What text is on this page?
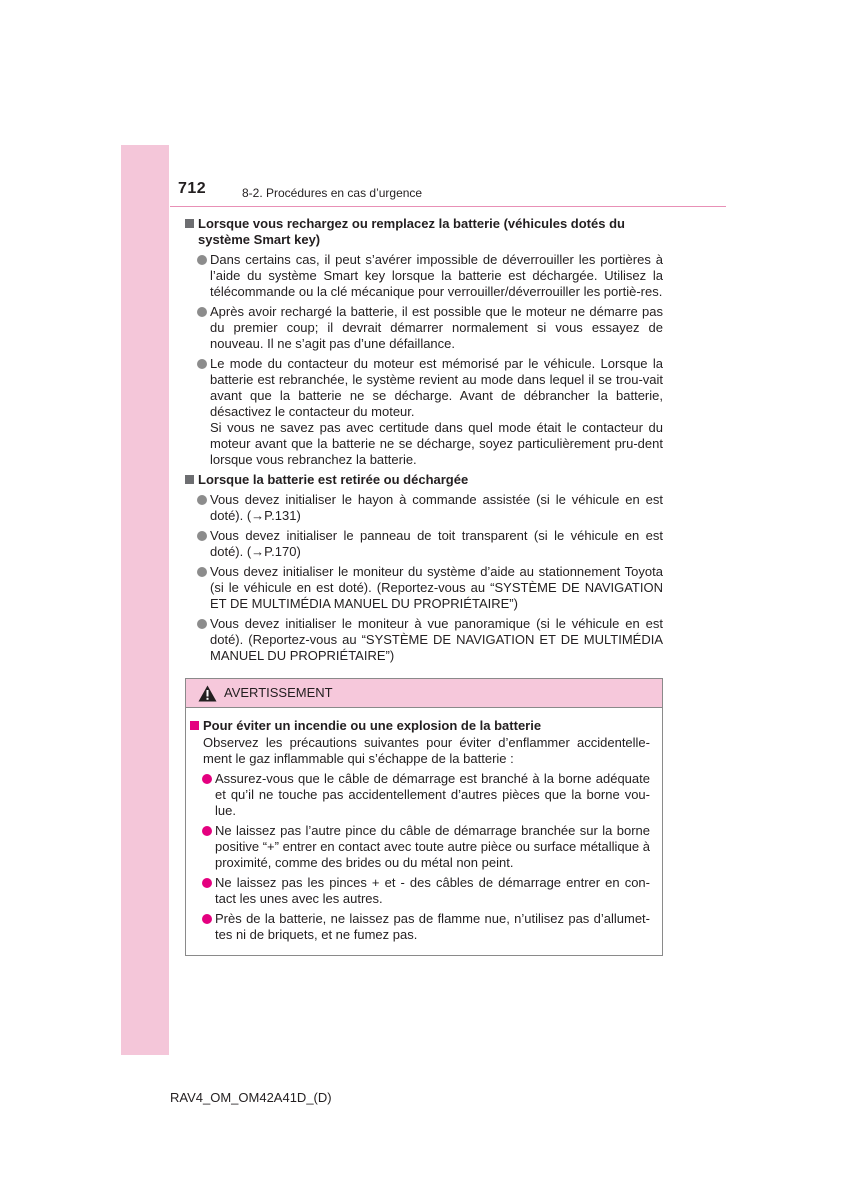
712	8-2. Procédures en cas d’urgence
Lorsque vous rechargez ou remplacez la batterie (véhicules dotés du système Smart key)
Dans certains cas, il peut s’avérer impossible de déverrouiller les portières à l’aide du système Smart key lorsque la batterie est déchargée. Utilisez la télécommande ou la clé mécanique pour verrouiller/déverrouiller les portiè-res.
Après avoir rechargé la batterie, il est possible que le moteur ne démarre pas du premier coup; il devrait démarrer normalement si vous essayez de nouveau. Il ne s’agit pas d’une défaillance.
Le mode du contacteur du moteur est mémorisé par le véhicule. Lorsque la batterie est rebranchée, le système revient au mode dans lequel il se trou-vait avant que la batterie ne se décharge. Avant de débrancher la batterie, désactivez le contacteur du moteur.
Si vous ne savez pas avec certitude dans quel mode était le contacteur du moteur avant que la batterie ne se décharge, soyez particulièrement pru-dent lorsque vous rebranchez la batterie.
Lorsque la batterie est retirée ou déchargée
Vous devez initialiser le hayon à commande assistée (si le véhicule en est doté). (→P.131)
Vous devez initialiser le panneau de toit transparent (si le véhicule en est doté). (→P.170)
Vous devez initialiser le moniteur du système d’aide au stationnement Toyota (si le véhicule en est doté). (Reportez-vous au “SYSTÈME DE NAVIGATION ET DE MULTIMÉDIA MANUEL DU PROPRIÉTAIRE”)
Vous devez initialiser le moniteur à vue panoramique (si le véhicule en est doté). (Reportez-vous au “SYSTÈME DE NAVIGATION ET DE MULTIMÉDIA MANUEL DU PROPRIÉTAIRE”)
AVERTISSEMENT
Pour éviter un incendie ou une explosion de la batterie
Observez les précautions suivantes pour éviter d’enflammer accidentelle-ment le gaz inflammable qui s’échappe de la batterie :
Assurez-vous que le câble de démarrage est branché à la borne adéquate et qu’il ne touche pas accidentellement d’autres pièces que la borne vou-lue.
Ne laissez pas l’autre pince du câble de démarrage branchée sur la borne positive “+” entrer en contact avec toute autre pièce ou surface métallique à proximité, comme des brides ou du métal non peint.
Ne laissez pas les pinces + et - des câbles de démarrage entrer en con-tact les unes avec les autres.
Près de la batterie, ne laissez pas de flamme nue, n’utilisez pas d’allumet-tes ni de briquets, et ne fumez pas.
RAV4_OM_OM42A41D_(D)
